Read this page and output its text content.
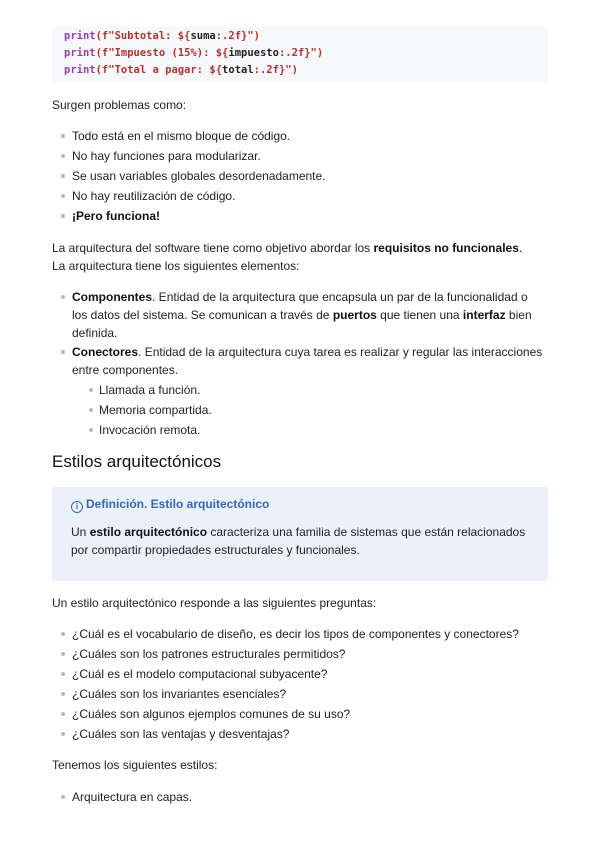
print(f"Subtotal: ${suma:.2f}")
print(f"Impuesto (15%): ${impuesto:.2f}")
print(f"Total a pagar: ${total:.2f}")
Surgen problemas como:
Todo está en el mismo bloque de código.
No hay funciones para modularizar.
Se usan variables globales desordenadamente.
No hay reutilización de código.
¡Pero funciona!
La arquitectura del software tiene como objetivo abordar los requisitos no funcionales.
La arquitectura tiene los siguientes elementos:
Componentes. Entidad de la arquitectura que encapsula un par de la funcionalidad o
los datos del sistema. Se comunican a través de puertos que tienen una interfaz bien
definida.
Conectores. Entidad de la arquitectura cuya tarea es realizar y regular las interacciones
entre componentes.
Llamada a función.
Memoria compartida.
Invocación remota.
Estilos arquitectónicos
i Definición. Estilo arquitectónico
Un estilo arquitectónico caracteriza una familia de sistemas que están relacionados
por compartir propiedades estructurales y funcionales.
Un estilo arquitectónico responde a las siguientes preguntas:
¿Cuál es el vocabulario de diseño, es decir los tipos de componentes y conectores?
¿Cuáles son los patrones estructurales permitidos?
¿Cuál es el modelo computacional subyacente?
¿Cuáles son los invariantes esenciales?
¿Cuáles son algunos ejemplos comunes de su uso?
¿Cuáles son las ventajas y desventajas?
Tenemos los siguientes estilos:
Arquitectura en capas.
